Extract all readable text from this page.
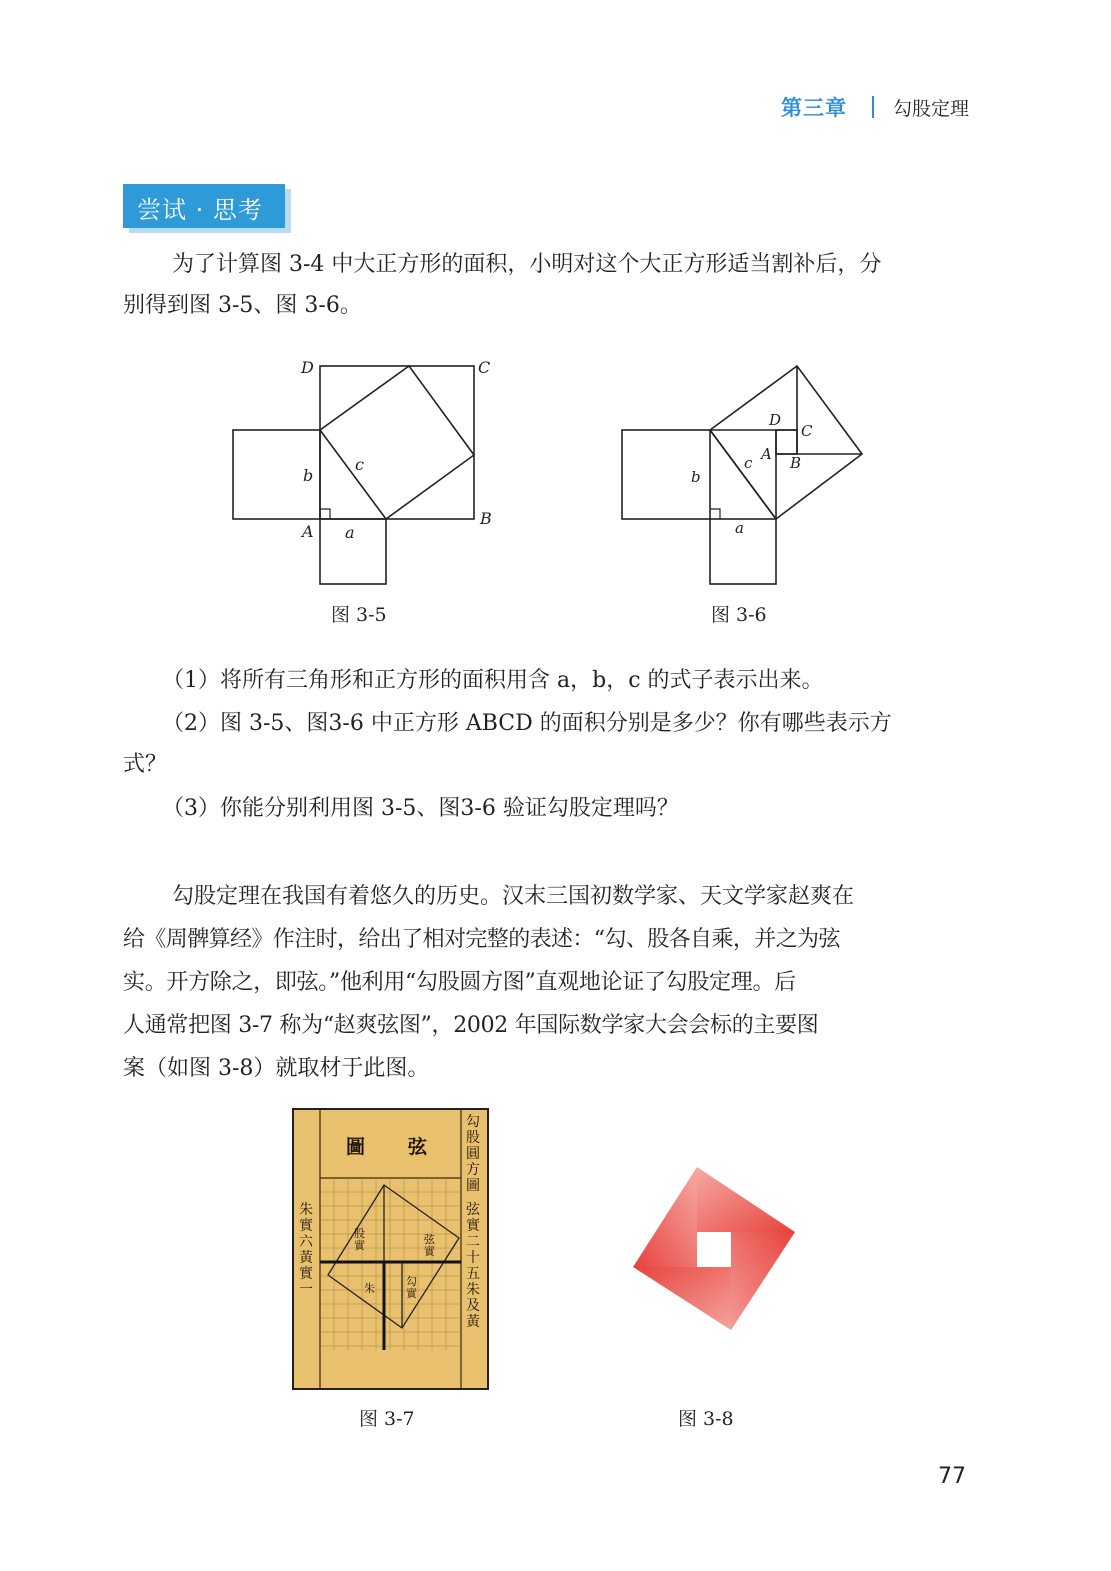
第三章 勾股定理
尝试 · 思考
为了计算图 3-4 中大正方形的面积，小明对这个大正方形适当割补后，分
别得到图 3-5、图 3-6。
D	C
b
c
A a
B
图 3-5
D
C
A
c	B
b
a
图 3-6
（1）将所有三角形和正方形的面积用含 a，b，c 的式子表示出来。
（2）图 3-5、图3-6 中正方形 ABCD 的面积分别是多少？你有哪些表示方
式？
（3）你能分别利用图 3-5、图3-6 验证勾股定理吗？
勾股定理在我国有着悠久的历史。汉末三国初数学家、天文学家赵爽在
给《周髀算经》作注时，给出了相对完整的表述：“勾、股各自乘，并之为弦
实。开方除之，即弦。”他利用“勾股圆方图”直观地论证了勾股定理。后
人通常把图 3-7 称为“赵爽弦图”，2002 年国际数学家大会会标的主要图
案（如图 3-8）就取材于此图。
圖 弦
勾股圓方圖
弦實二十五朱及黃
朱實六黃實一
弦實
股實
勾實
朱
图 3-7	图 3-8
77
